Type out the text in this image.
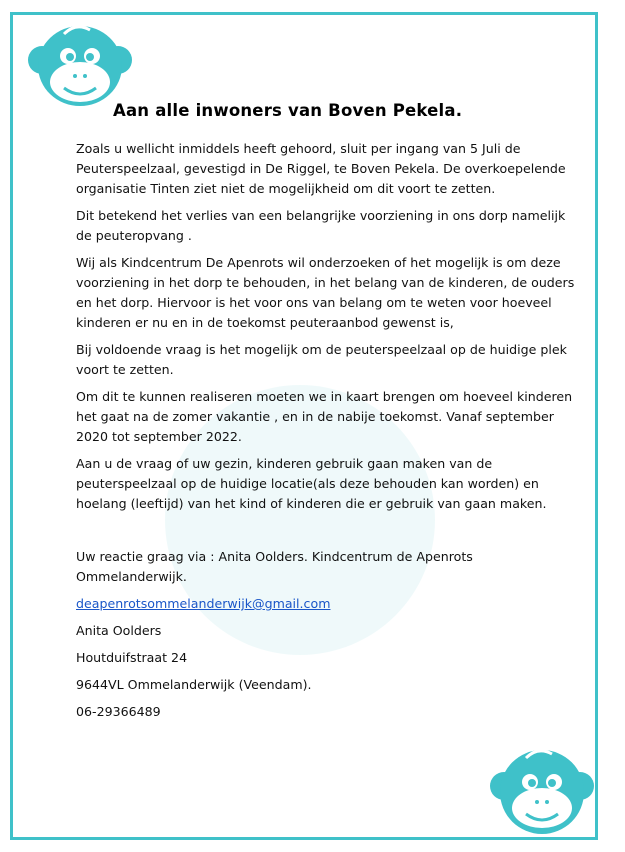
Aan alle inwoners van Boven Pekela.

Zoals u wellicht inmiddels heeft gehoord, sluit per ingang van 5 Juli de Peuterspeelzaal, gevestigd in De Riggel, te Boven Pekela. De overkoepelende organisatie Tinten ziet niet de mogelijkheid om dit voort te zetten.

Dit betekend het verlies van een belangrijke voorziening in ons dorp namelijk de peuteropvang .

Wij als Kindcentrum De Apenrots wil onderzoeken of het mogelijk is om deze voorziening in het dorp te behouden, in het belang van de kinderen, de ouders en het dorp. Hiervoor is het voor ons van belang om te weten voor hoeveel kinderen er nu en in de toekomst peuteraanbod gewenst is,

Bij voldoende vraag is het mogelijk om de peuterspeelzaal op de huidige plek voort te zetten.

Om dit te kunnen realiseren moeten we in kaart brengen om hoeveel kinderen het gaat na de zomer vakantie , en in de nabije toekomst. Vanaf september 2020 tot september 2022.

Aan u de vraag of uw gezin, kinderen gebruik gaan maken van de peuterspeelzaal op de huidige locatie(als deze behouden kan worden) en hoelang (leeftijd) van het kind of kinderen die er gebruik van gaan maken.

Uw reactie graag via : Anita Oolders. Kindcentrum de Apenrots Ommelanderwijk.

deapenrotsommelanderwijk@gmail.com

Anita Oolders

Houtduifstraat 24

9644VL Ommelanderwijk (Veendam).

06-29366489
